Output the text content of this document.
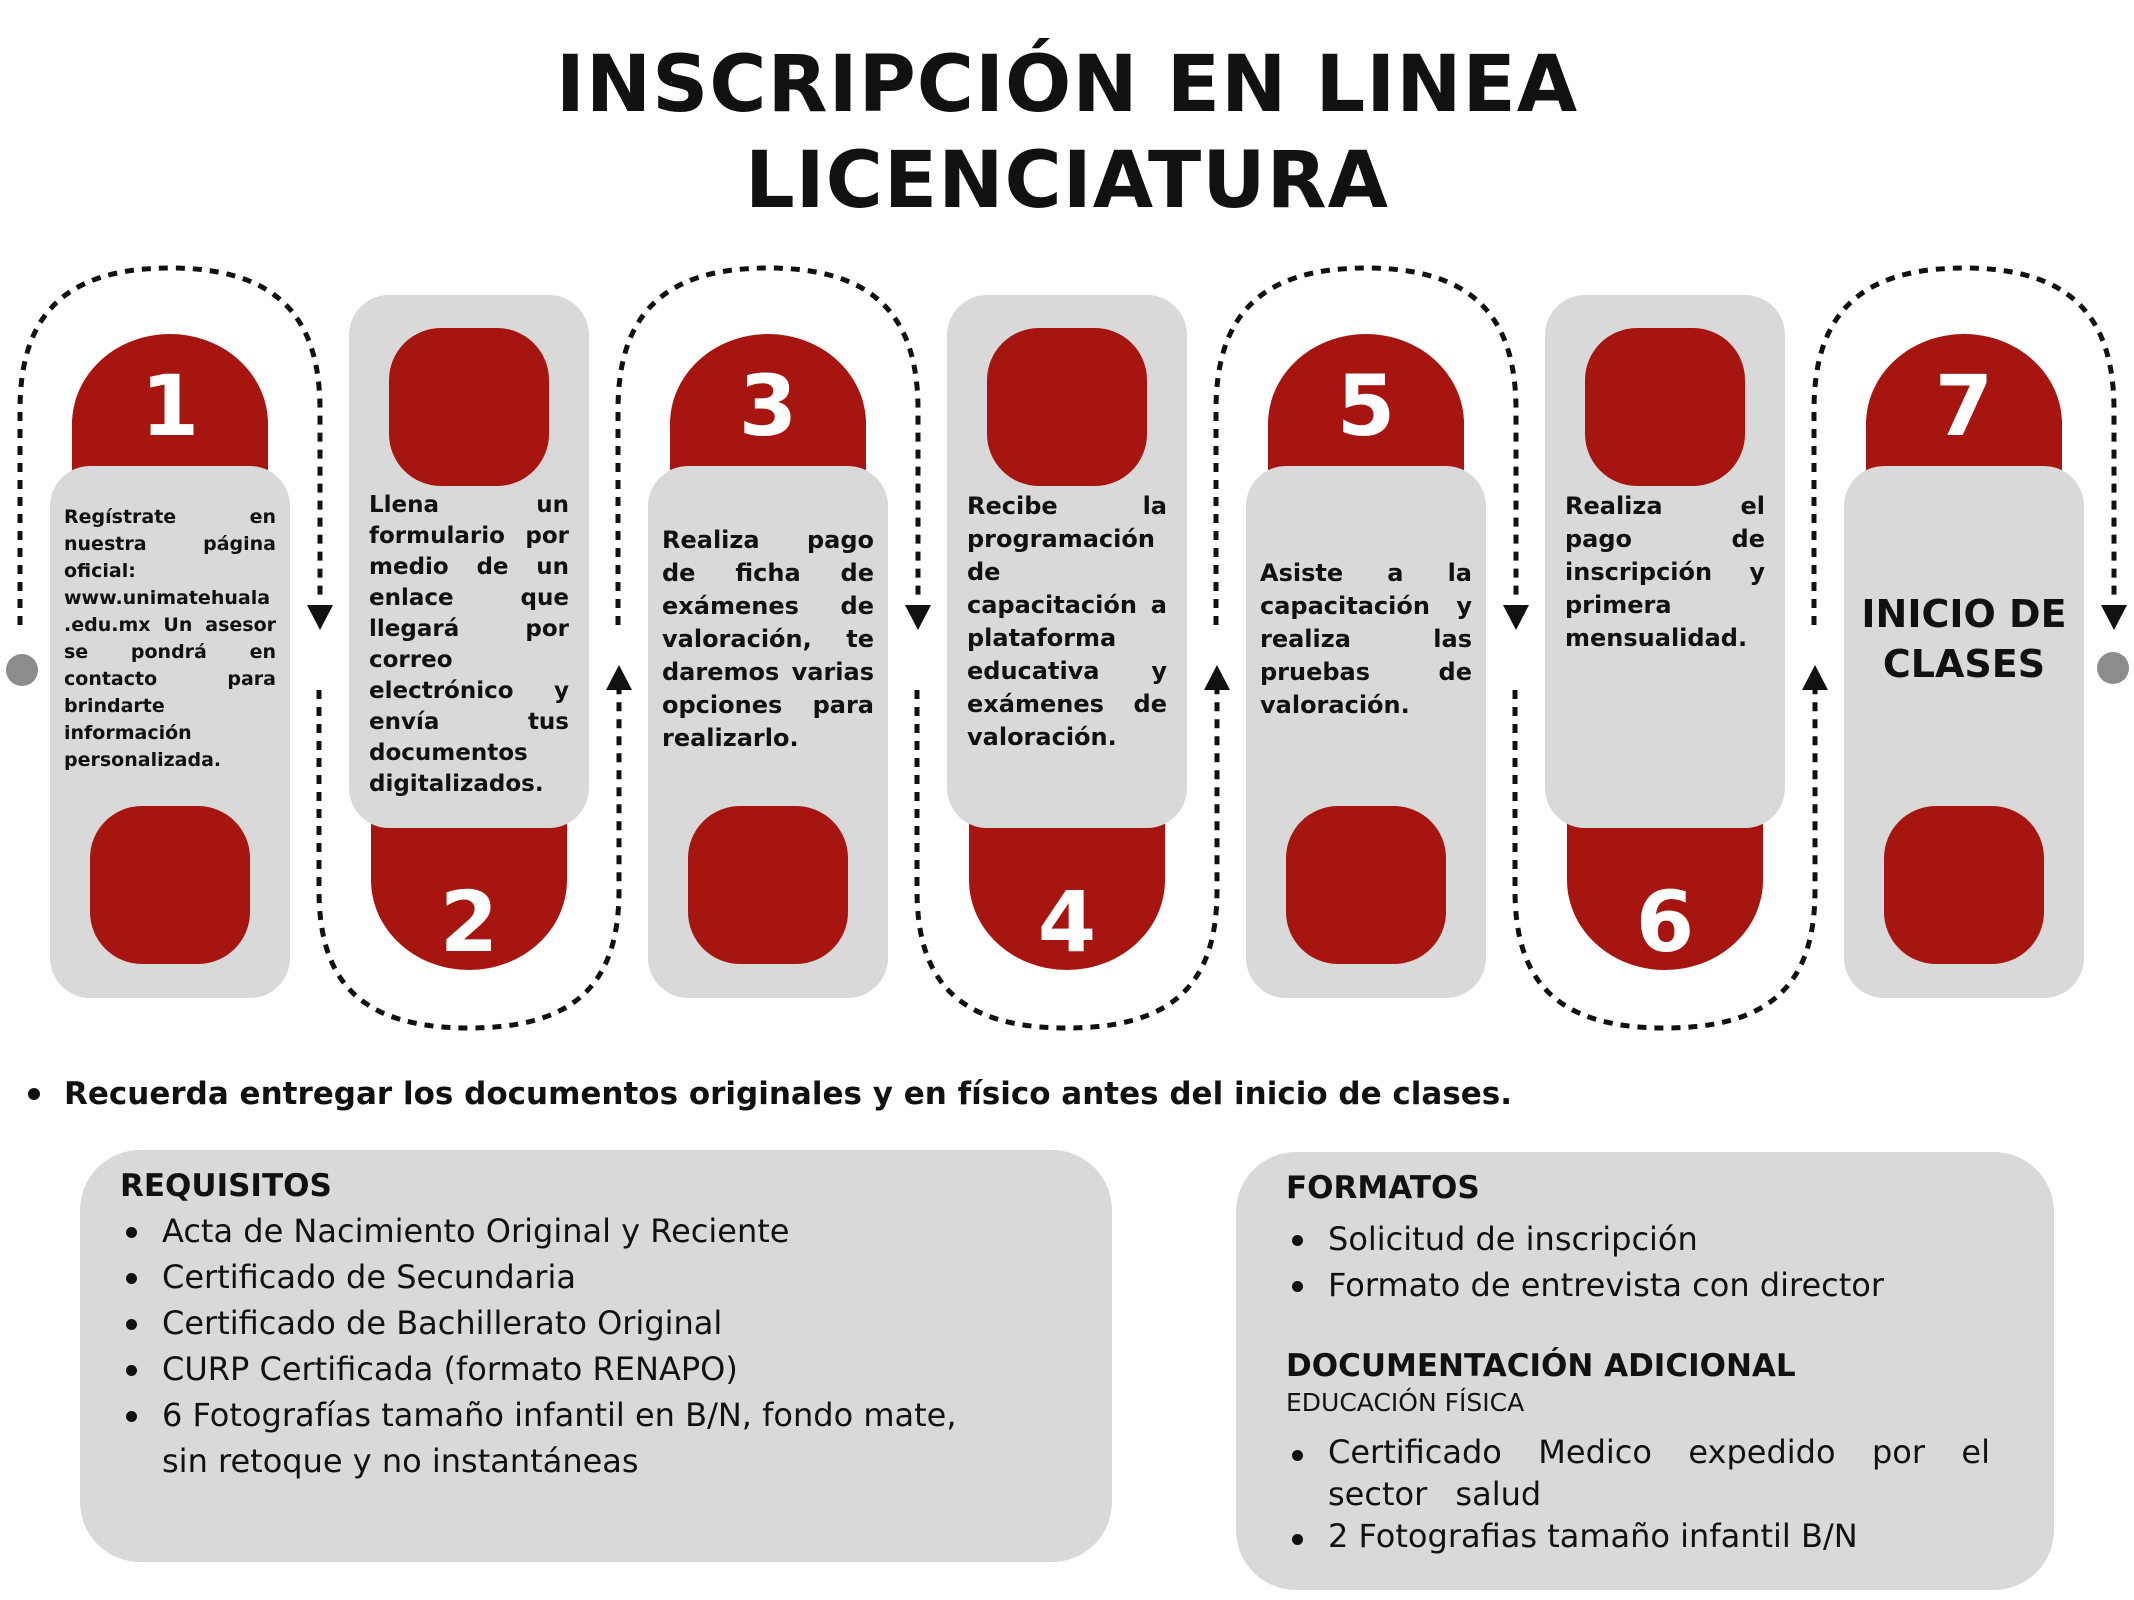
INSCRIPCIÓN EN LINEA
LICENCIATURA
1

Regístrate en nuestra página oficial: www.unimatehuala.edu.mx Un asesor se pondrá en contacto para brindarte información personalizada.

2

Llena un formulario por medio de un enlace que llegará por correo electrónico y envía tus documentos digitalizados.

3

Realiza pago de ficha de exámenes de valoración, te daremos varias opciones para realizarlo.

4

Recibe la programación de capacitación a plataforma educativa y exámenes de valoración.

5

Asiste a la capacitación y realiza las pruebas de valoración.

6

Realiza el pago de inscripción y primera mensualidad.

7

INICIO DE CLASES

Recuerda entregar los documentos originales y en físico antes del inicio de clases.
REQUISITOS
Acta de Nacimiento Original y Reciente
Certificado de Secundaria
Certificado de Bachillerato Original
CURP Certificada (formato RENAPO)
6 Fotografías tamaño infantil en B/N, fondo mate, sin retoque y no instantáneas
FORMATOS
Solicitud de inscripción
Formato de entrevista con director
DOCUMENTACIÓN ADICIONAL
EDUCACIÓN FÍSICA
Certificado Medico expedido por el sector salud
2 Fotografias tamaño infantil B/N
